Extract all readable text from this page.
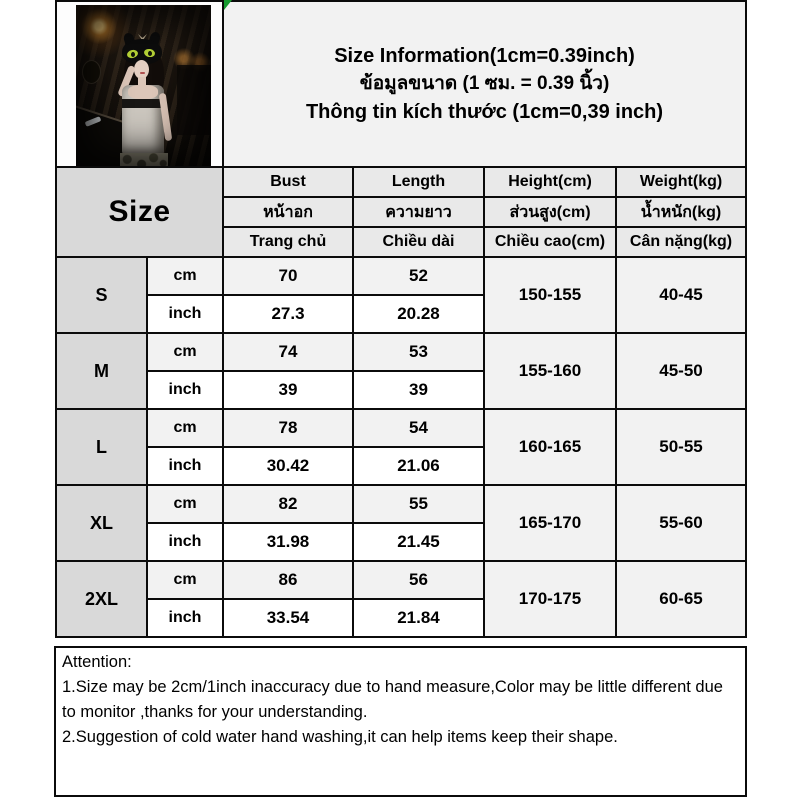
		Size Information(1cm=0.39inch)
ข้อมูลขนาด (1 ซม. = 0.39 นิ้ว)
Thông tin kích thước (1cm=0,39 inch)			

Size		Bust	Length	Height(cm)	Weight(kg)
		หน้าอก	ความยาว	ส่วนสูง(cm)	น้ำหนัก(kg)
		Trang chủ	Chiều dài	Chiều cao(cm)	Cân nặng(kg)
S	cm	70	52	150-155	40-45
	inch	27.3	20.28		
M	cm	74	53	155-160	45-50
	inch	39	39		
L	cm	78	54	160-165	50-55
	inch	30.42	21.06		
XL	cm	82	55	165-170	55-60
	inch	31.98	21.45		
2XL	cm	86	56	170-175	60-65
	inch	33.54	21.84		
Attention:
1.Size may be 2cm/1inch inaccuracy due to hand measure,Color may be little different due to monitor ,thanks for your understanding.
2.Suggestion of cold water hand washing,it can help items keep their shape.
